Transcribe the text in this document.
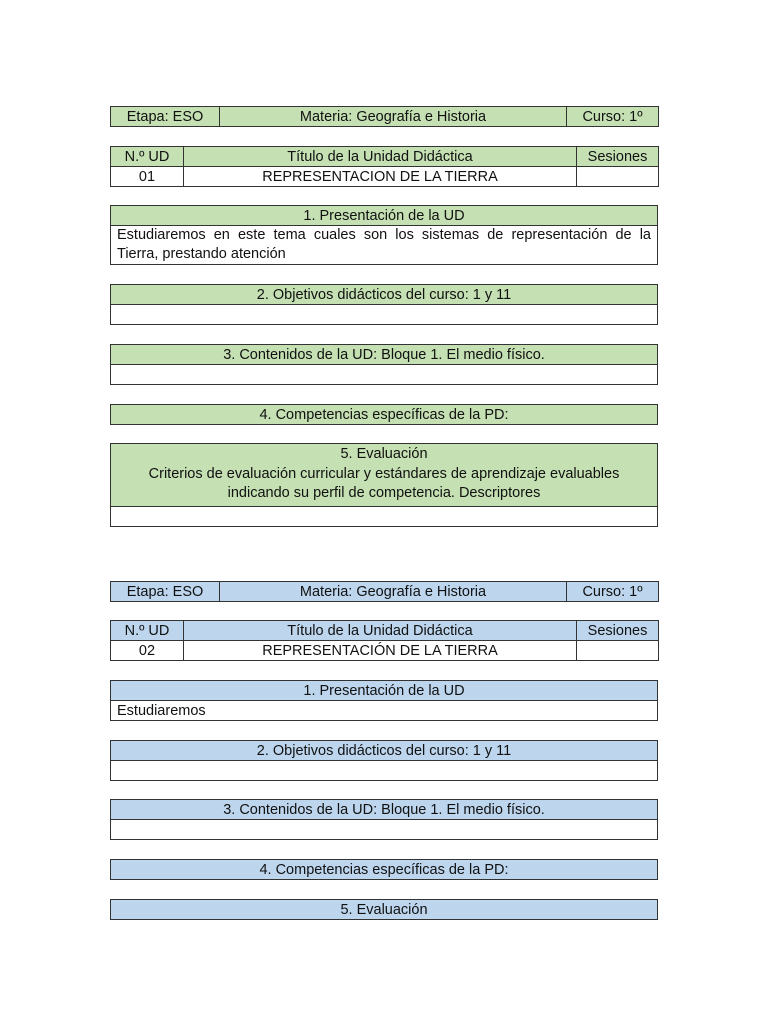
Etapa: ESO	Materia: Geografía e Historia	Curso: 1º
N.º UD	Título de la Unidad Didáctica	Sesiones
01	REPRESENTACION DE LA TIERRA	
1. Presentación de la UD
Estudiaremos en este tema cuales son los sistemas de representación de la Tierra, prestando atención
2. Objetivos didácticos del curso: 1 y 11

3. Contenidos de la UD: Bloque 1. El medio físico.

4. Competencias específicas de la PD:
5. Evaluación
Criterios de evaluación curricular y estándares de aprendizaje evaluables
indicando su perfil de competencia. Descriptores

Etapa: ESO	Materia: Geografía e Historia	Curso: 1º
N.º UD	Título de la Unidad Didáctica	Sesiones
02	REPRESENTACIÓN DE LA TIERRA	
1. Presentación de la UD
Estudiaremos
2. Objetivos didácticos del curso: 1 y 11

3. Contenidos de la UD: Bloque 1. El medio físico.

4. Competencias específicas de la PD:
5. Evaluación
